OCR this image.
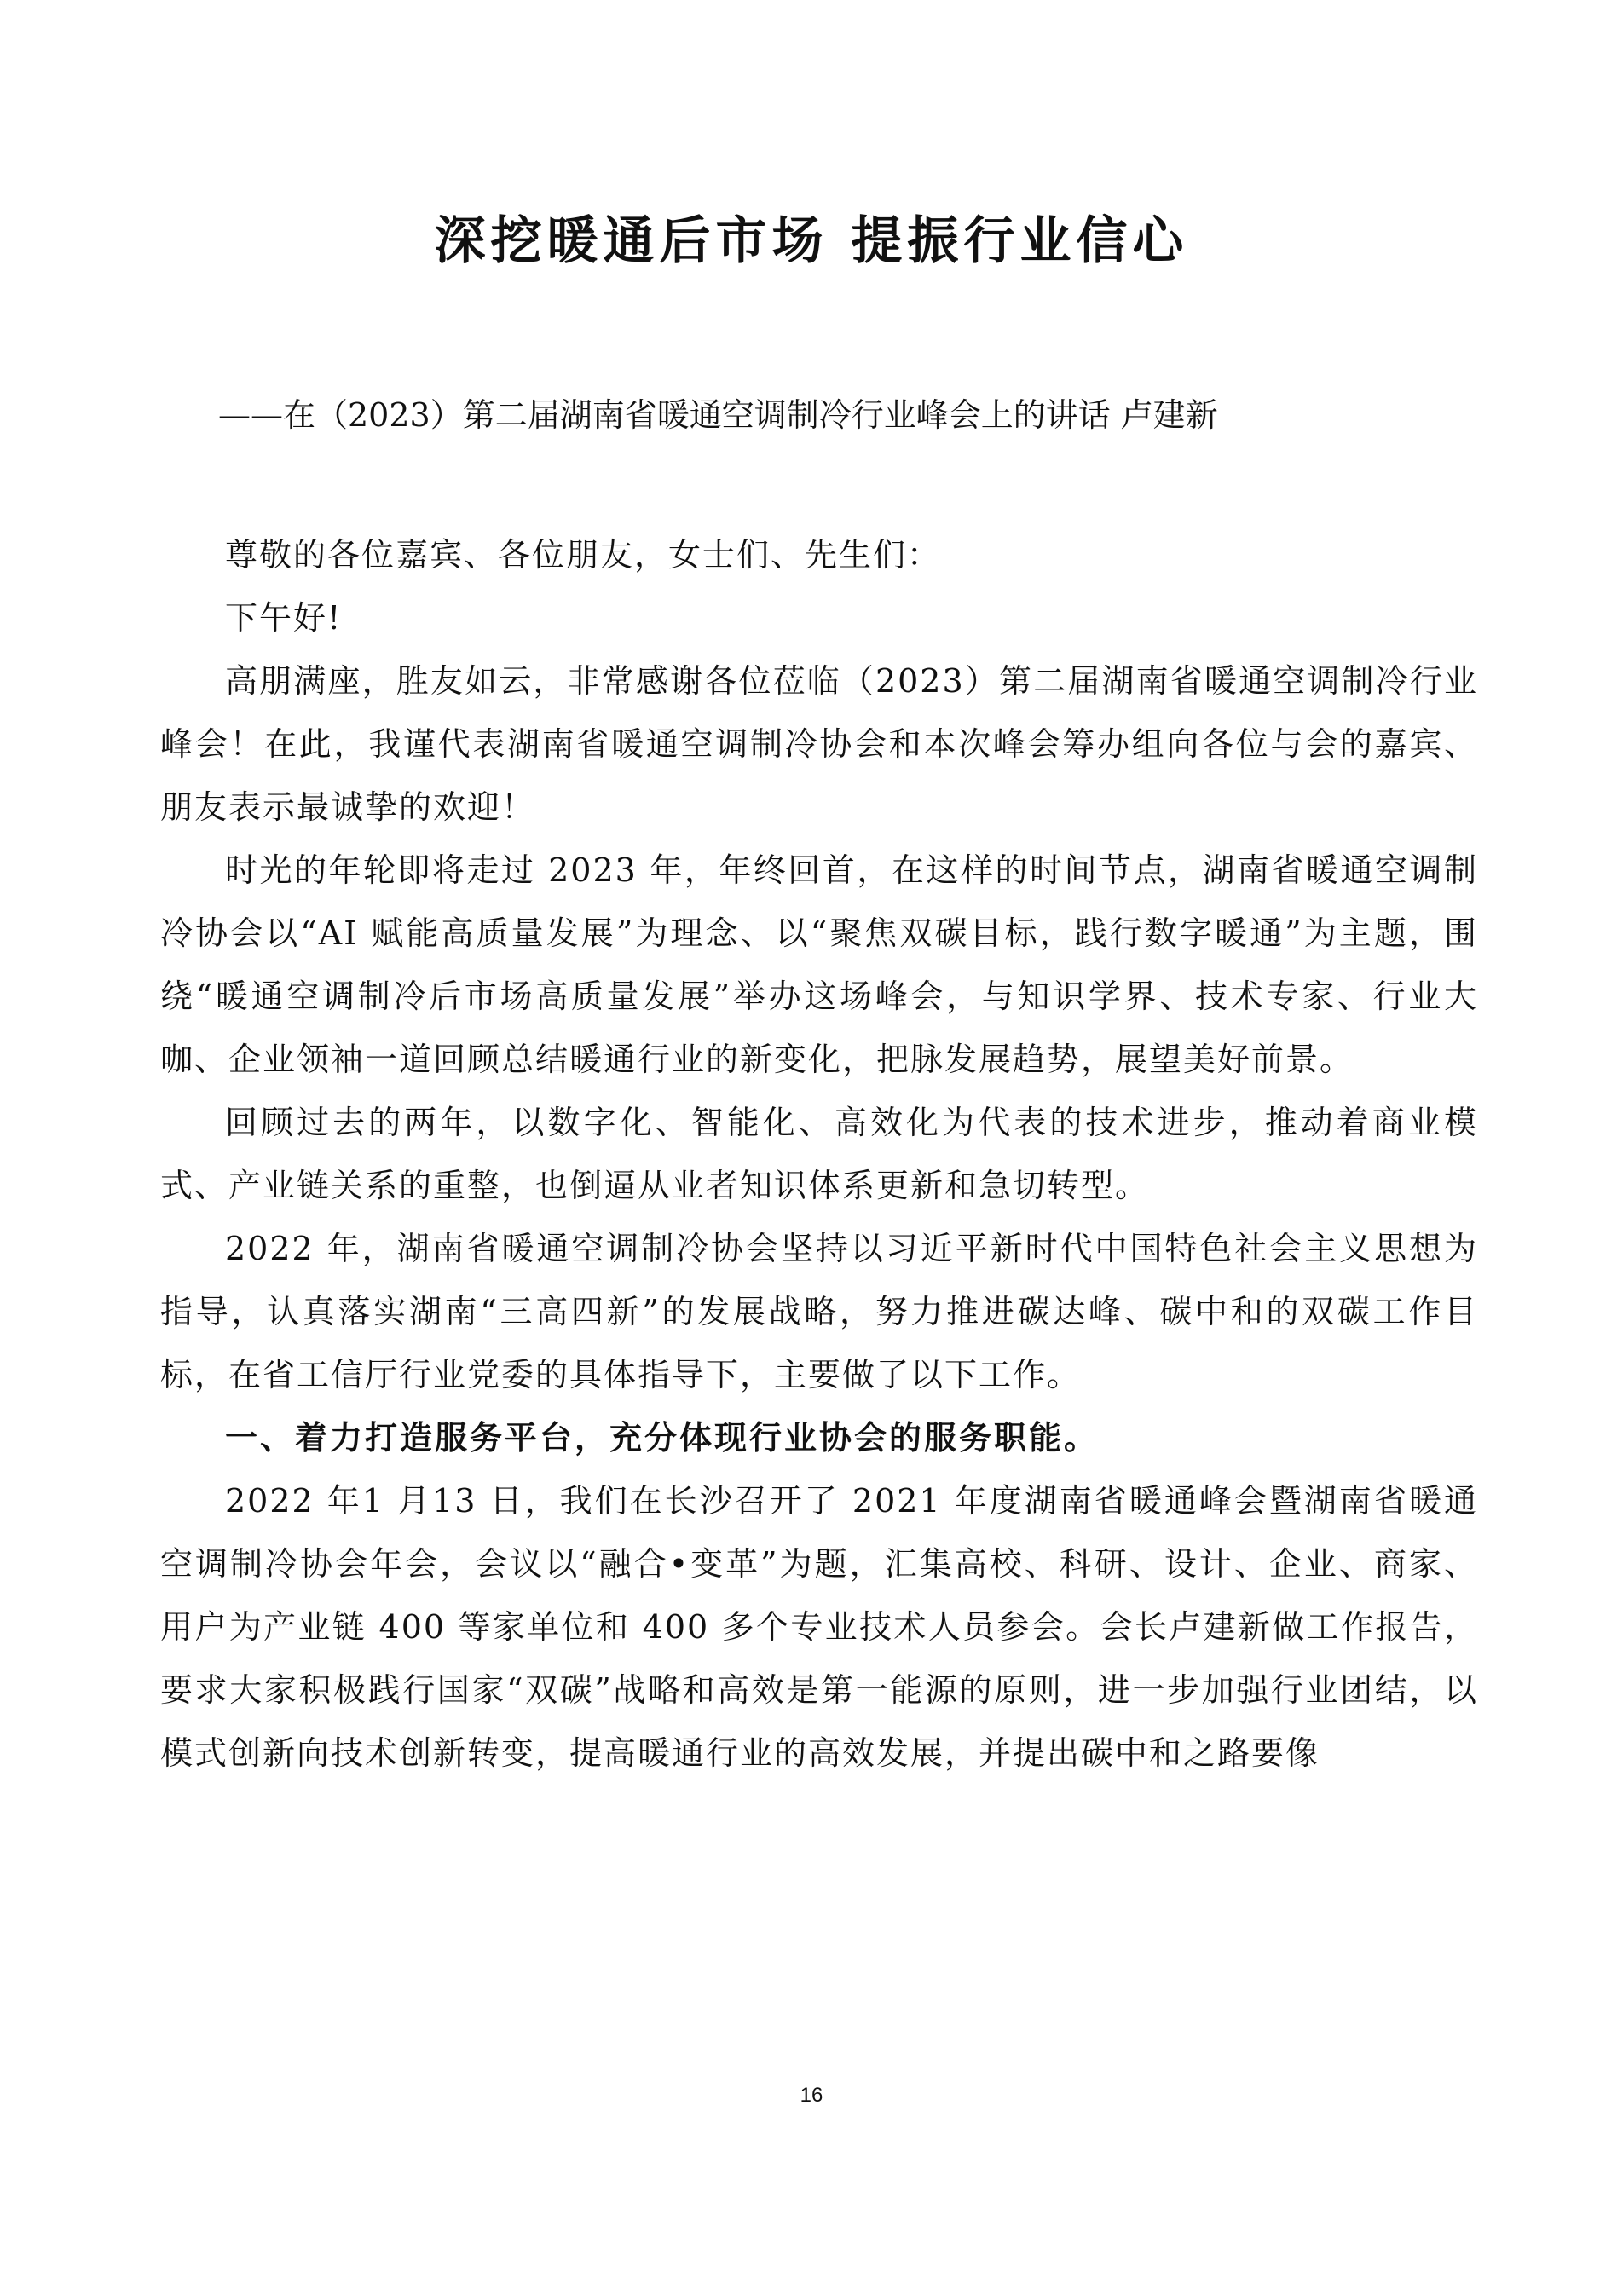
深挖暖通后市场 提振行业信心
——在（2023）第二届湖南省暖通空调制冷行业峰会上的讲话 卢建新

尊敬的各位嘉宾、各位朋友，女士们、先生们：

下午好!

高朋满座，胜友如云，非常感谢各位莅临（2023）第二届湖南省暖通空调制冷行业峰会！在此，我谨代表湖南省暖通空调制冷协会和本次峰会筹办组向各位与会的嘉宾、朋友表示最诚挚的欢迎！

时光的年轮即将走过 2023 年，年终回首，在这样的时间节点，湖南省暖通空调制冷协会以“AI 赋能高质量发展”为理念、以“聚焦双碳目标，践行数字暖通”为主题，围绕“暖通空调制冷后市场高质量发展”举办这场峰会，与知识学界、技术专家、行业大咖、企业领袖一道回顾总结暖通行业的新变化，把脉发展趋势，展望美好前景。

回顾过去的两年，以数字化、智能化、高效化为代表的技术进步，推动着商业模式、产业链关系的重整，也倒逼从业者知识体系更新和急切转型。

2022 年，湖南省暖通空调制冷协会坚持以习近平新时代中国特色社会主义思想为指导，认真落实湖南“三高四新”的发展战略，努力推进碳达峰、碳中和的双碳工作目标，在省工信厅行业党委的具体指导下，主要做了以下工作。

一、着力打造服务平台，充分体现行业协会的服务职能。

2022 年1 月13 日，我们在长沙召开了 2021 年度湖南省暖通峰会暨湖南省暖通空调制冷协会年会，会议以“融合•变革”为题，汇集高校、科研、设计、企业、商家、用户为产业链 400 等家单位和 400 多个专业技术人员参会。会长卢建新做工作报告，要求大家积极践行国家“双碳”战略和高效是第一能源的原则，进一步加强行业团结，以模式创新向技术创新转变，提高暖通行业的高效发展，并提出碳中和之路要像

16
